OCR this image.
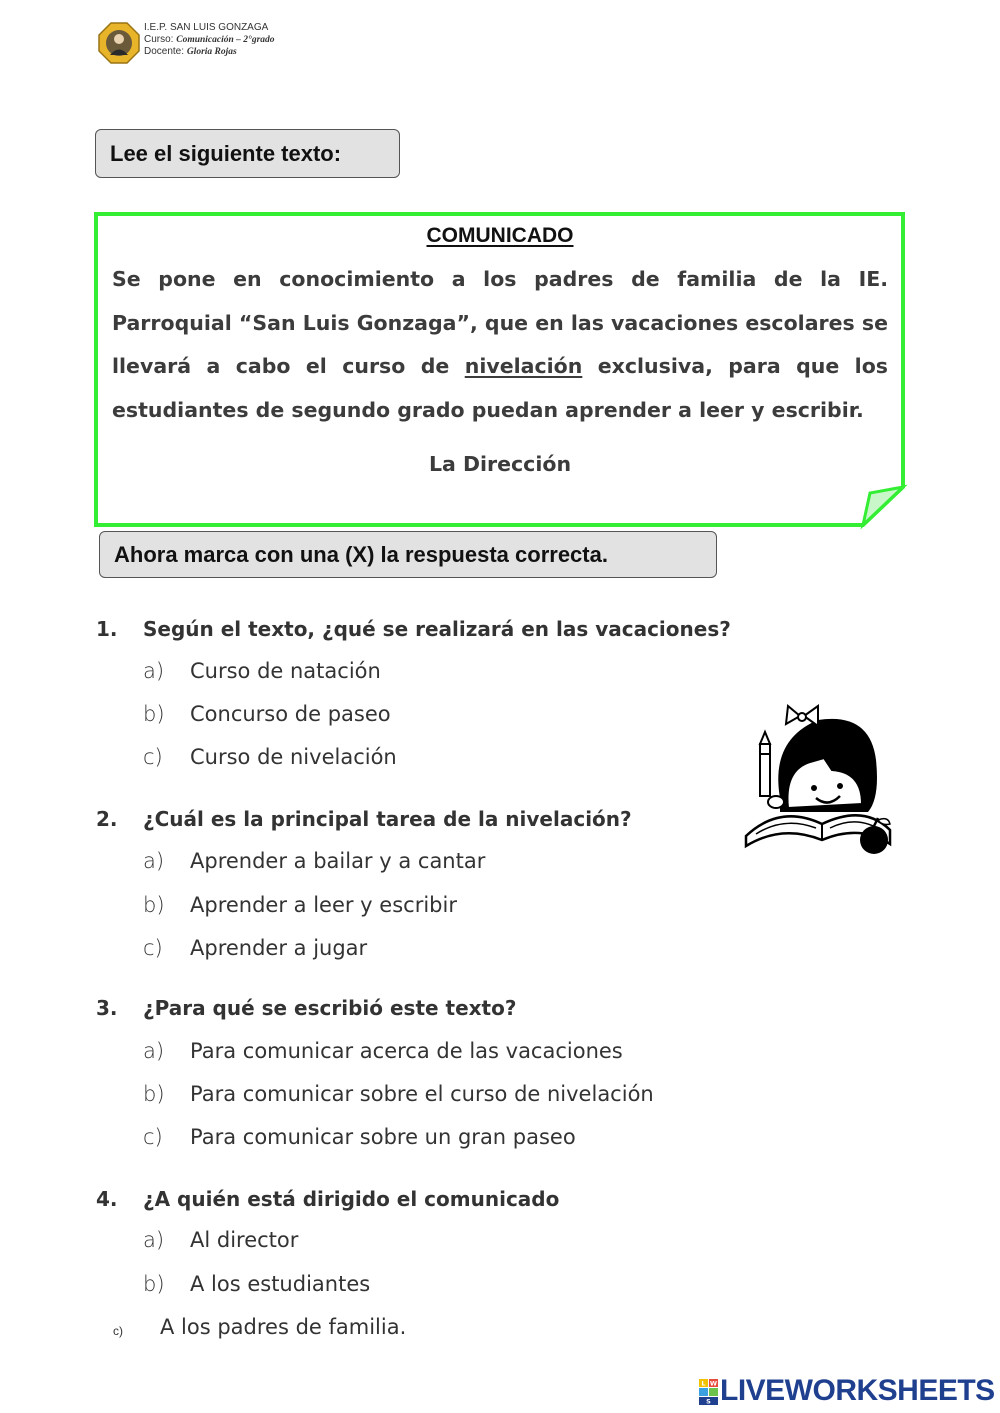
I.E.P. SAN LUIS GONZAGA
Curso: Comunicación – 2°grado
Docente: Gloria Rojas
Lee el siguiente texto:
COMUNICADO

Se pone en conocimiento a los padres de familia de la IE. Parroquial “San Luis Gonzaga”, que en las vacaciones escolares se llevará a cabo el curso de nivelación exclusiva, para que los estudiantes de segundo grado puedan aprender a leer y escribir.

La Dirección
Ahora marca con una (X) la respuesta correcta.
1. Según el texto, ¿qué se realizará en las vacaciones?
a) Curso de natación
b) Concurso de paseo
c) Curso de nivelación
2. ¿Cuál es la principal tarea de la nivelación?
a) Aprender a bailar y a cantar
b) Aprender a leer y escribir
c) Aprender a jugar
3. ¿Para qué se escribió este texto?
a) Para comunicar acerca de las vacaciones
b) Para comunicar sobre el curso de nivelación
c) Para comunicar sobre un gran paseo
4. ¿A quién está dirigido el comunicado
a) Al director
b) A los estudiantes
c) A los padres de familia.
L W
S LIVEWORKSHEETS
